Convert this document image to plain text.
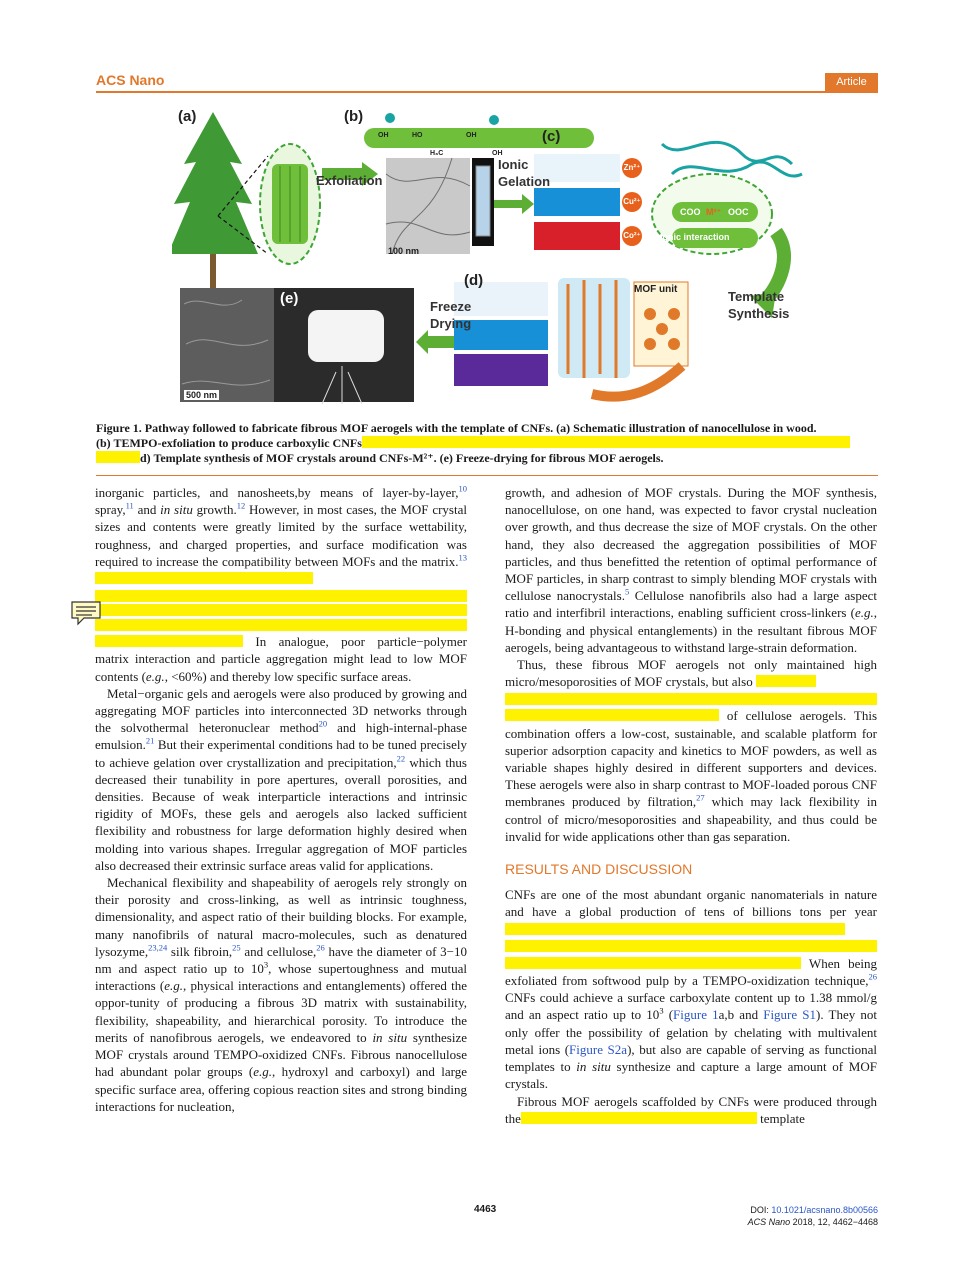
ACS Nano	Article
(a)	(b)
(c)
(d)
(e)
Exfoliation
Ionic Gelation
Freeze Drying
Template Synthesis
MOF unit
Zn²⁺
Cu²⁺
Co²⁺
COO M²⁺ OOC
Ionic interaction
100 nm
500 nm
OH	HO	OH
H₃C	OH
Figure 1. Pathway followed to fabricate fibrous MOF aerogels with the template of CNFs. (a) Schematic illustration of nanocellulose in wood.
(b) TEMPO-exfoliation to produce carboxylic CNFs
d) Template synthesis of MOF crystals around CNFs-M²⁺. (e) Freeze-drying for fibrous MOF aerogels.

inorganic particles, and nanosheets,by means of layer-by-layer,$^{10}$ spray,$^{11}$ and in situ growth.$^{12}$ However, in most cases, the MOF crystal sizes and contents were greatly limited by the surface wettability, roughness, and charged properties, and surface modification was required to increase the compatibility between MOFs and the matrix.$^{13}$
In analogue, poor particle−polymer matrix interaction and particle aggregation might lead to low MOF contents (e.g., <60%) and thereby low specific surface areas.

Metal−organic gels and aerogels were also produced by growing and aggregating MOF particles into interconnected 3D networks through the solvothermal heteronuclear method$^{20}$ and high-internal-phase emulsion.$^{21}$ But their experimental conditions had to be tuned precisely to achieve gelation over crystallization and precipitation,$^{22}$ which thus decreased their tunability in pore apertures, overall porosities, and densities. Because of weak interparticle interactions and intrinsic rigidity of MOFs, these gels and aerogels also lacked sufficient flexibility and robustness for large deformation highly desired when molding into various shapes. Irregular aggregation of MOF particles also decreased their extrinsic surface areas valid for applications.

Mechanical flexibility and shapeability of aerogels rely strongly on their porosity and cross-linking, as well as intrinsic toughness, dimensionality, and aspect ratio of their building blocks. For example, many nanofibrils of natural macro-molecules, such as denatured lysozyme,$^{23,24}$ silk fibroin,$^{25}$ and cellulose,$^{26}$ have the diameter of 3−10 nm and aspect ratio up to $10^3$, whose supertoughness and mutual interactions (e.g., physical interactions and entanglements) offered the oppor-tunity of producing a fibrous 3D matrix with sustainability, flexibility, shapeability, and hierarchical porosity. To introduce the merits of nanofibrous aerogels, we endeavored to in situ synthesize MOF crystals around TEMPO-oxidized CNFs. Fibrous nanocellulose had abundant polar groups (e.g., hydroxyl and carboxyl) and large specific surface area, offering copious reaction sites and strong binding interactions for nucleation,

growth, and adhesion of MOF crystals. During the MOF synthesis, nanocellulose, on one hand, was expected to favor crystal nucleation over growth, and thus decrease the size of MOF crystals. On the other hand, they also decreased the aggregation possibilities of MOF particles, and thus benefitted the retention of optimal performance of MOF particles, in sharp contrast to simply blending MOF crystals with cellulose nanocrystals.$^5$ Cellulose nanofibrils also had a large aspect ratio and interfibril interactions, enabling sufficient cross-linkers (e.g., H-bonding and physical entanglements) in the resultant fibrous MOF aerogels, being advantageous to withstand large-strain deformation.

Thus, these fibrous MOF aerogels not only maintained high micro/mesoporosities of MOF crystals, but also
of cellulose aerogels. This combination offers a low-cost, sustainable, and scalable platform for superior adsorption capacity and kinetics to MOF powders, as well as variable shapes highly desired in different supporters and devices. These aerogels were also in sharp contrast to MOF-loaded porous CNF membranes produced by filtration,$^{27}$ which may lack flexibility in control of micro/mesoporosities and shapeability, and thus could be invalid for wide applications other than gas separation.

RESULTS AND DISCUSSION

CNFs are one of the most abundant organic nanomaterials in nature and have a global production of tens of billions tons per year
When being exfoliated from softwood pulp by a TEMPO-oxidization technique,$^{26}$ CNFs could achieve a surface carboxylate content up to 1.38 mmol/g and an aspect ratio up to $10^3$ (Figure 1a,b and Figure S1). They not only offer the possibility of gelation by chelating with multivalent metal ions (Figure S2a), but also are capable of serving as functional templates to in situ synthesize and capture a large amount of MOF crystals.

Fibrous MOF aerogels scaffolded by CNFs were produced through the	template

4463	DOI: 10.1021/acsnano.8b00566
ACS Nano 2018, 12, 4462−4468
